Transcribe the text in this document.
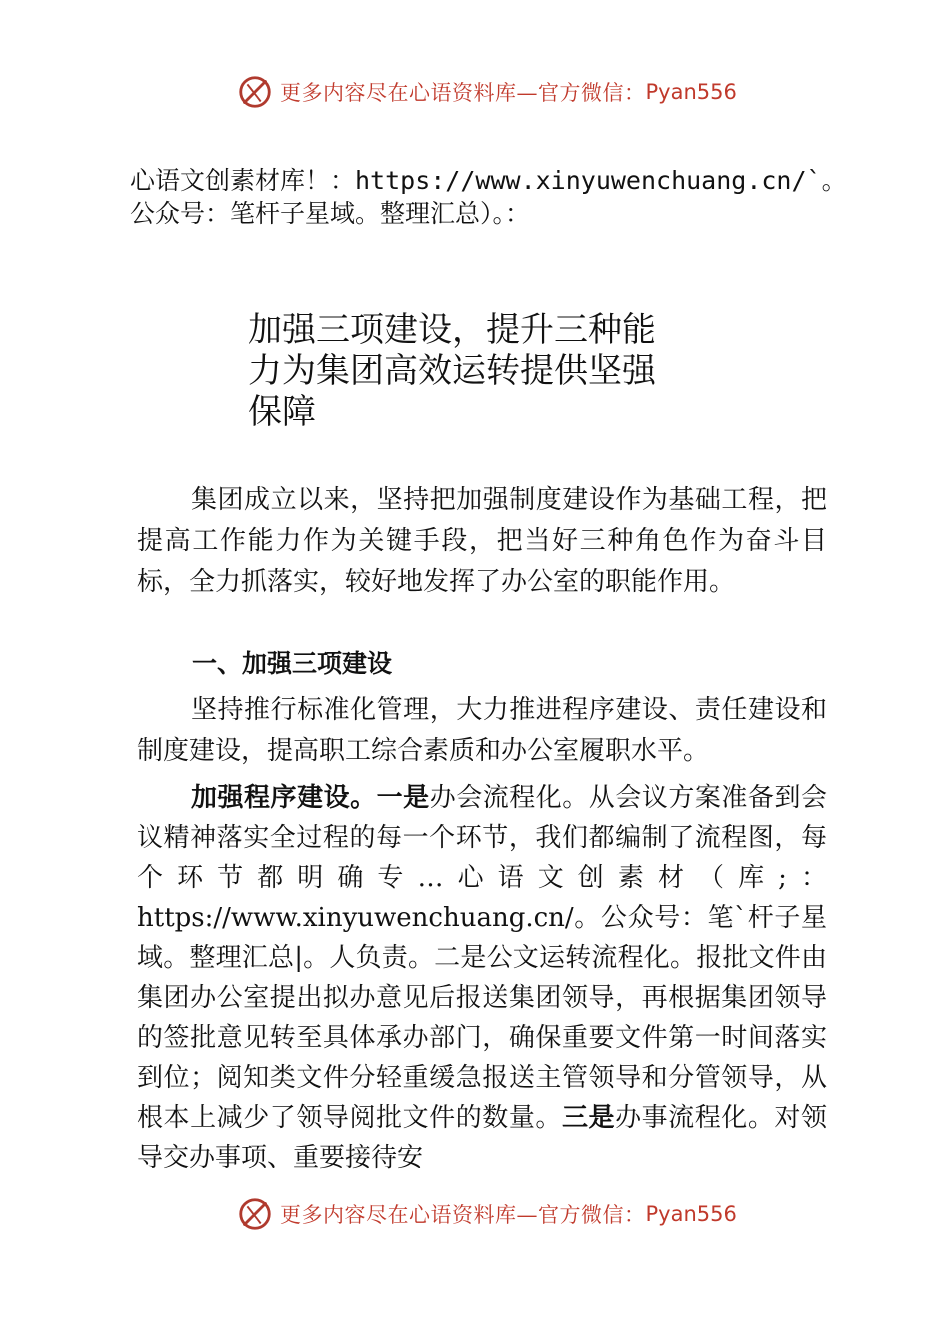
更多内容尽在心语资料库—官方微信： Pyan556
心语文创素材库！：https://www.xinyuwenchuang.cn/`。公众号：笔杆子星域。整理汇总）。：
加强三项建设，提升三种能力为集团高效运转提供坚强保障
集团成立以来，坚持把加强制度建设作为基础工程，把提高工作能力作为关键手段，把当好三种角色作为奋斗目标，全力抓落实，较好地发挥了办公室的职能作用。
一、加强三项建设
坚持推行标准化管理，大力推进程序建设、责任建设和制度建设，提高职工综合素质和办公室履职水平。
加强程序建设。一是办会流程化。从会议方案准备到会议精神落实全过程的每一个环节，我们都编制了流程图，每个环节都明确专…心语文创素材（库;：https://www.xinyuwenchuang.cn/。公众号：笔`杆子星域。整理汇总|。人负责。二是公文运转流程化。报批文件由集团办公室提出拟办意见后报送集团领导，再根据集团领导的签批意见转至具体承办部门，确保重要文件第一时间落实到位；阅知类文件分轻重缓急报送主管领导和分管领导，从根本上减少了领导阅批文件的数量。三是办事流程化。对领导交办事项、重要接待安
更多内容尽在心语资料库—官方微信： Pyan556
